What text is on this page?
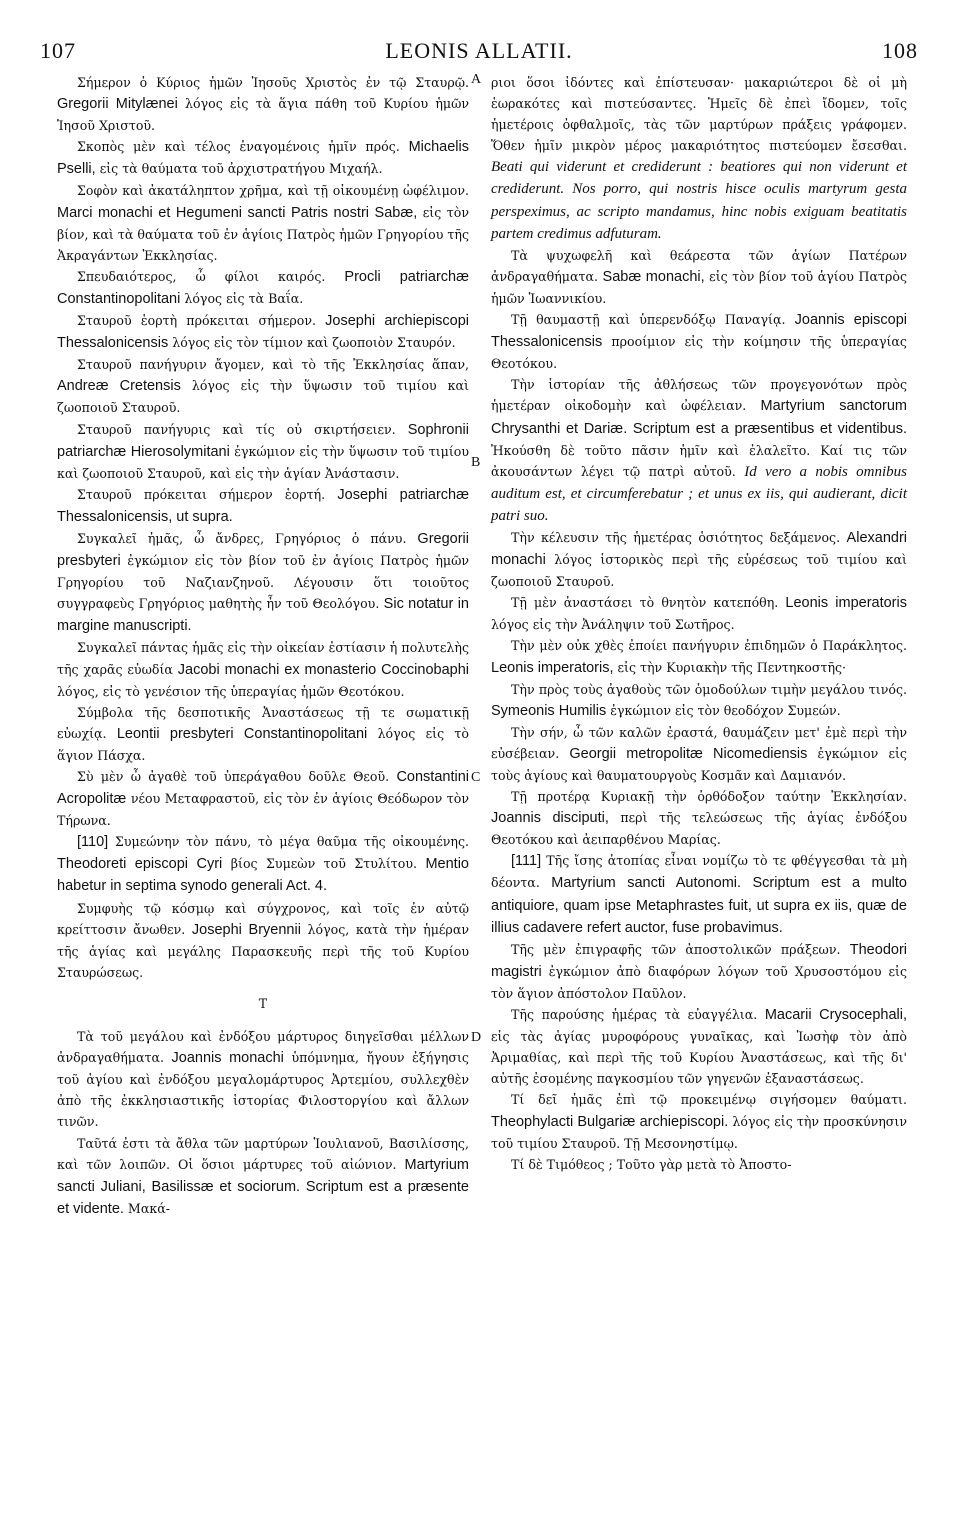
107	LEONIS ALLATII.	108
A
B
C
D

Σήμερον ὁ Κύριος ἡμῶν Ἰησοῦς Χριστὸς ἐν τῷ Σταυρῷ. Gregorii Mitylænei λόγος εἰς τὰ ἅγια πάθη τοῦ Κυρίου ἡμῶν Ἰησοῦ Χριστοῦ.

Σκοπὸς μὲν καὶ τέλος ἐναγομένοις ἡμῖν πρός. Michaelis Pselli, εἰς τὰ θαύματα τοῦ ἀρχιστρατήγου Μιχαήλ.

Σοφὸν καὶ ἀκατάληπτον χρῆμα, καὶ τῇ οἰκουμένῃ ὠφέλιμον. Marci monachi et Hegumeni sancti Patris nostri Sabæ, εἰς τὸν βίον, καὶ τὰ θαύματα τοῦ ἐν ἁγίοις Πατρὸς ἡμῶν Γρηγορίου τῆς Ἀκραγάντων Ἐκκλησίας.

Σπευδαιότερος, ὦ φίλοι καιρός. Procli patriarchæ Constantinopolitani λόγος εἰς τὰ Βαΐα.

Σταυροῦ ἑορτὴ πρόκειται σήμερον. Josephi archiepiscopi Thessalonicensis λόγος εἰς τὸν τίμιον καὶ ζωοποιὸν Σταυρόν.

Σταυροῦ πανήγυριν ἄγομεν, καὶ τὸ τῆς Ἐκκλησίας ἅπαν, Andreæ Cretensis λόγος εἰς τὴν ὕψωσιν τοῦ τιμίου καὶ ζωοποιοῦ Σταυροῦ.

Σταυροῦ πανήγυρις καὶ τίς οὐ σκιρτήσειεν. Sophronii patriarchæ Hierosolymitani ἐγκώμιον εἰς τὴν ὕψωσιν τοῦ τιμίου καὶ ζωοποιοῦ Σταυροῦ, καὶ εἰς τὴν ἁγίαν Ἀνάστασιν.

Σταυροῦ πρόκειται σήμερον ἑορτή. Josephi patriarchæ Thessalonicensis, ut supra.

Συγκαλεῖ ἡμᾶς, ὦ ἄνδρες, Γρηγόριος ὁ πάνυ. Gregorii presbyteri ἐγκώμιον εἰς τὸν βίον τοῦ ἐν ἁγίοις Πατρὸς ἡμῶν Γρηγορίου τοῦ Ναζιανζηνοῦ. Λέγουσιν ὅτι τοιοῦτος συγγραφεὺς Γρηγόριος μαθητὴς ἦν τοῦ Θεολόγου. Sic notatur in margine manuscripti.

Συγκαλεῖ πάντας ἡμᾶς εἰς τὴν οἰκείαν ἑστίασιν ἡ πολυτελὴς τῆς χαρᾶς εὐωδία Jacobi monachi ex monasterio Coccinobaphi λόγος, εἰς τὸ γενέσιον τῆς ὑπεραγίας ἡμῶν Θεοτόκου.

Σύμβολα τῆς δεσποτικῆς Ἀναστάσεως τῇ τε σωματικῇ εὐωχίᾳ. Leontii presbyteri Constantinopolitani λόγος εἰς τὸ ἅγιον Πάσχα.

Σὺ μὲν ὦ ἀγαθὲ τοῦ ὑπεράγαθου δοῦλε Θεοῦ. Constantini Acropolitæ νέου Μεταφραστοῦ, εἰς τὸν ἐν ἁγίοις Θεόδωρον τὸν Τήρωνα.

[110] Συμεώνην τὸν πάνυ, τὸ μέγα θαῦμα τῆς οἰκουμένης. Theodoreti episcopi Cyri βίος Συμεὼν τοῦ Στυλίτου. Mentio habetur in septima synodo generali Act. 4.

Συμφυὴς τῷ κόσμῳ καὶ σύγχρονος, καὶ τοῖς ἐν αὐτῷ κρείττοσιν ἄνωθεν. Josephi Bryennii λόγος, κατὰ τὴν ἡμέραν τῆς ἁγίας καὶ μεγάλης Παρασκευῆς περὶ τῆς τοῦ Κυρίου Σταυρώσεως.

Τ

Τὰ τοῦ μεγάλου καὶ ἐνδόξου μάρτυρος διηγεῖσθαι μέλλων ἀνδραγαθήματα. Joannis monachi ὑπόμνημα, ἤγουν ἐξήγησις τοῦ ἁγίου καὶ ἐνδόξου μεγαλομάρτυρος Ἀρτεμίου, συλλεχθὲν ἀπὸ τῆς ἐκκλησιαστικῆς ἱστορίας Φιλοστοργίου καὶ ἄλλων τινῶν.

Ταῦτά ἐστι τὰ ἄθλα τῶν μαρτύρων Ἰουλιανοῦ, Βασιλίσσης, καὶ τῶν λοιπῶν. Οἱ ὅσιοι μάρτυρες τοῦ αἰώνιον. Martyrium sancti Juliani, Basilissæ et sociorum. Scriptum est a præsente et vidente. Μακά-

ριοι ὅσοι ἰδόντες καὶ ἐπίστευσαν· μακαριώτεροι δὲ οἱ μὴ ἑωρακότες καὶ πιστεύσαντες. Ἡμεῖς δὲ ἐπεὶ ἴδομεν, τοῖς ἡμετέροις ὀφθαλμοῖς, τὰς τῶν μαρτύρων πράξεις γράφομεν. Ὅθεν ἡμῖν μικρὸν μέρος μακαριότητος πιστεύομεν ἔσεσθαι. Beati qui viderunt et crediderunt : beatiores qui non viderunt et crediderunt. Nos porro, qui nostris hisce oculis martyrum gesta perspeximus, ac scripto mandamus, hinc nobis exiguam beatitatis partem credimus adfuturam.

Τὰ ψυχωφελῆ καὶ θεάρεστα τῶν ἁγίων Πατέρων ἀνδραγαθήματα. Sabæ monachi, εἰς τὸν βίον τοῦ ἁγίου Πατρὸς ἡμῶν Ἰωαννικίου.

Τῇ θαυμαστῇ καὶ ὑπερενδόξῳ Παναγίᾳ. Joannis episcopi Thessalonicensis προοίμιον εἰς τὴν κοίμησιν τῆς ὑπεραγίας Θεοτόκου.

Τὴν ἱστορίαν τῆς ἀθλήσεως τῶν προγεγονότων πρὸς ἡμετέραν οἰκοδομὴν καὶ ὠφέλειαν. Martyrium sanctorum Chrysanthi et Dariæ. Scriptum est a præsentibus et videntibus. Ἠκούσθη δὲ τοῦτο πᾶσιν ἡμῖν καὶ ἐλαλεῖτο. Καί τις τῶν ἀκουσάντων λέγει τῷ πατρὶ αὐτοῦ. Id vero a nobis omnibus auditum est, et circumferebatur ; et unus ex iis, qui audierant, dicit patri suo.

Τὴν κέλευσιν τῆς ἡμετέρας ὁσιότητος δεξάμενος. Alexandri monachi λόγος ἱστορικὸς περὶ τῆς εὑρέσεως τοῦ τιμίου καὶ ζωοποιοῦ Σταυροῦ.

Τῇ μὲν ἀναστάσει τὸ θνητὸν κατεπόθη. Leonis imperatoris λόγος εἰς τὴν Ἀνάληψιν τοῦ Σωτῆρος.

Τὴν μὲν οὐκ χθὲς ἐποίει πανήγυριν ἐπιδημῶν ὁ Παράκλητος. Leonis imperatoris, εἰς τὴν Κυριακὴν τῆς Πεντηκοστῆς·

Τὴν πρὸς τοὺς ἀγαθοὺς τῶν ὁμοδούλων τιμὴν μεγάλου τινός. Symeonis Humilis ἐγκώμιον εἰς τὸν θεοδόχον Συμεών.

Τὴν σήν, ὦ τῶν καλῶν ἐραστά, θαυμάζειν μετ' ἐμὲ περὶ τὴν εὐσέβειαν. Georgii metropolitæ Nicomediensis ἐγκώμιον εἰς τοὺς ἁγίους καὶ θαυματουργοὺς Κοσμᾶν καὶ Δαμιανόν.

Τῇ προτέρᾳ Κυριακῇ τὴν ὀρθόδοξον ταύτην Ἐκκλησίαν. Joannis disciputi, περὶ τῆς τελεώσεως τῆς ἁγίας ἐνδόξου Θεοτόκου καὶ ἀειπαρθένου Μαρίας.

[111] Τῆς ἴσης ἀτοπίας εἶναι νομίζω τὸ τε φθέγγεσθαι τὰ μὴ δέοντα. Martyrium sancti Autonomi. Scriptum est a multo antiquiore, quam ipse Metaphrastes fuit, ut supra ex iis, quæ de illius cadavere refert auctor, fuse probavimus.

Τῆς μὲν ἐπιγραφῆς τῶν ἀποστολικῶν πράξεων. Theodori magistri ἐγκώμιον ἀπὸ διαφόρων λόγων τοῦ Χρυσοστόμου εἰς τὸν ἅγιον ἀπόστολον Παῦλον.

Τῆς παρούσης ἡμέρας τὰ εὐαγγέλια. Macarii Crysocephali, εἰς τὰς ἁγίας μυροφόρους γυναῖκας, καὶ Ἰωσὴφ τὸν ἀπὸ Ἀριμαθίας, καὶ περὶ τῆς τοῦ Κυρίου Ἀναστάσεως, καὶ τῆς δι' αὐτῆς ἐσομένης παγκοσμίου τῶν γηγενῶν ἐξαναστάσεως.

Τί δεῖ ἡμᾶς ἐπὶ τῷ προκειμένῳ σιγήσομεν θαύματι. Theophylacti Bulgariæ archiepiscopi. λόγος εἰς τὴν προσκύνησιν τοῦ τιμίου Σταυροῦ. Τῇ Μεσονηστίμῳ.

Τί δὲ Τιμόθεος ; Τοῦτο γὰρ μετὰ τὸ Ἀποστο-
